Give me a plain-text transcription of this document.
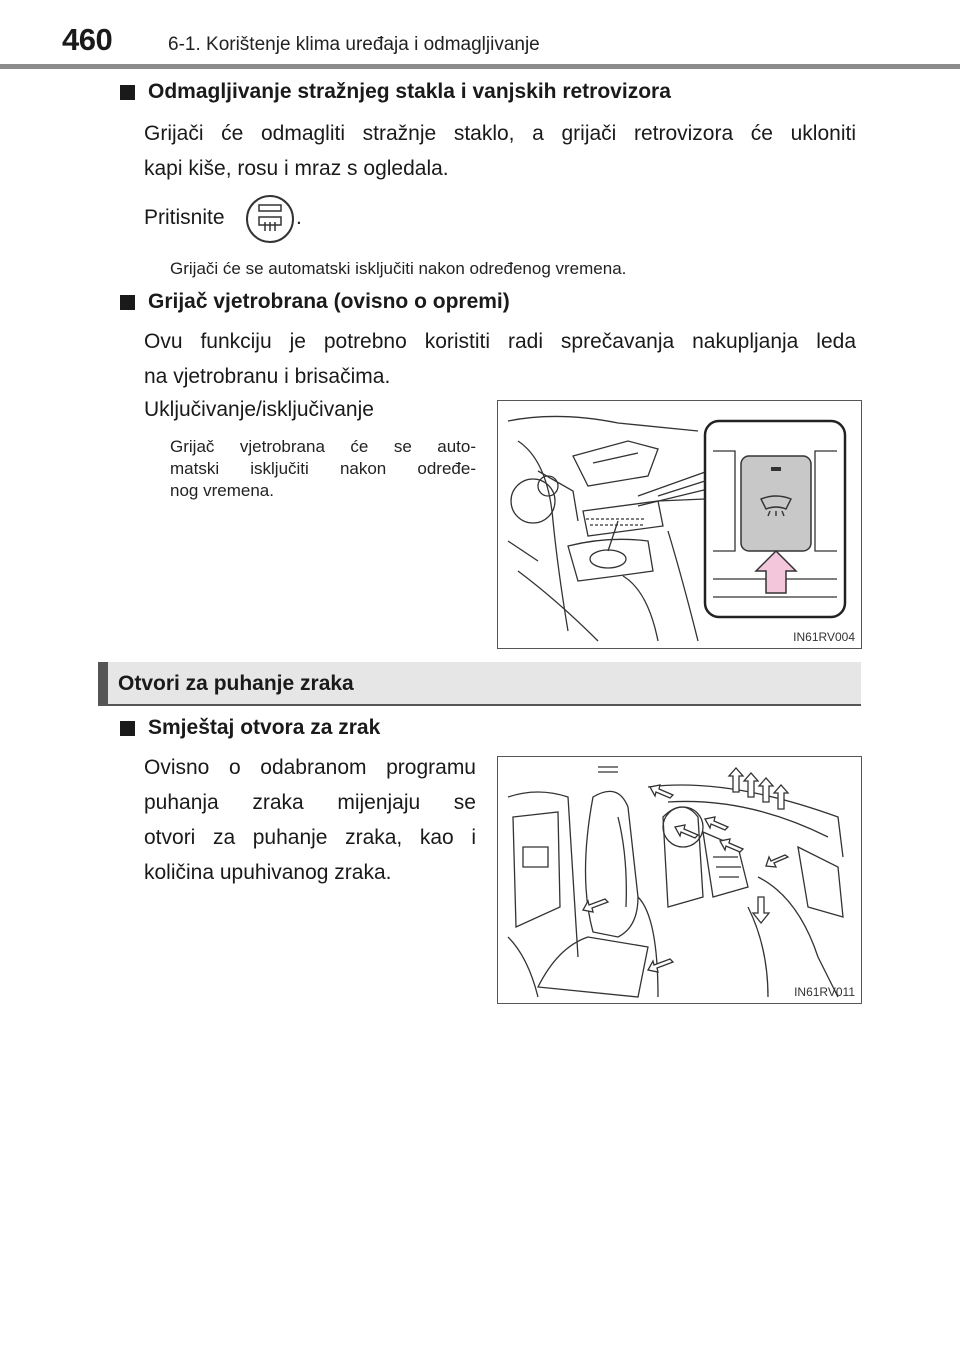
460	6-1. Korištenje klima uređaja i odmagljivanje
Odmagljivanje stražnjeg stakla i vanjskih retrovizora
Grijači će odmagliti stražnje staklo, a grijači retrovizora će ukloniti
kapi kiše, rosu i mraz s ogledala.
Pritisnite	.
Grijači će se automatski isključiti nakon određenog vremena.
Grijač vjetrobrana (ovisno o opremi)
Ovu funkciju je potrebno koristiti radi sprečavanja nakupljanja leda
na vjetrobranu i brisačima.
Uključivanje/isključivanje
Grijač vjetrobrana će se auto-
matski isključiti nakon određe-
nog vremena.
IN61RV004
Otvori za puhanje zraka
Smještaj otvora za zrak
Ovisno o odabranom programu
puhanja zraka mijenjaju se
otvori za puhanje zraka, kao i
količina upuhivanog zraka.
IN61RV011
